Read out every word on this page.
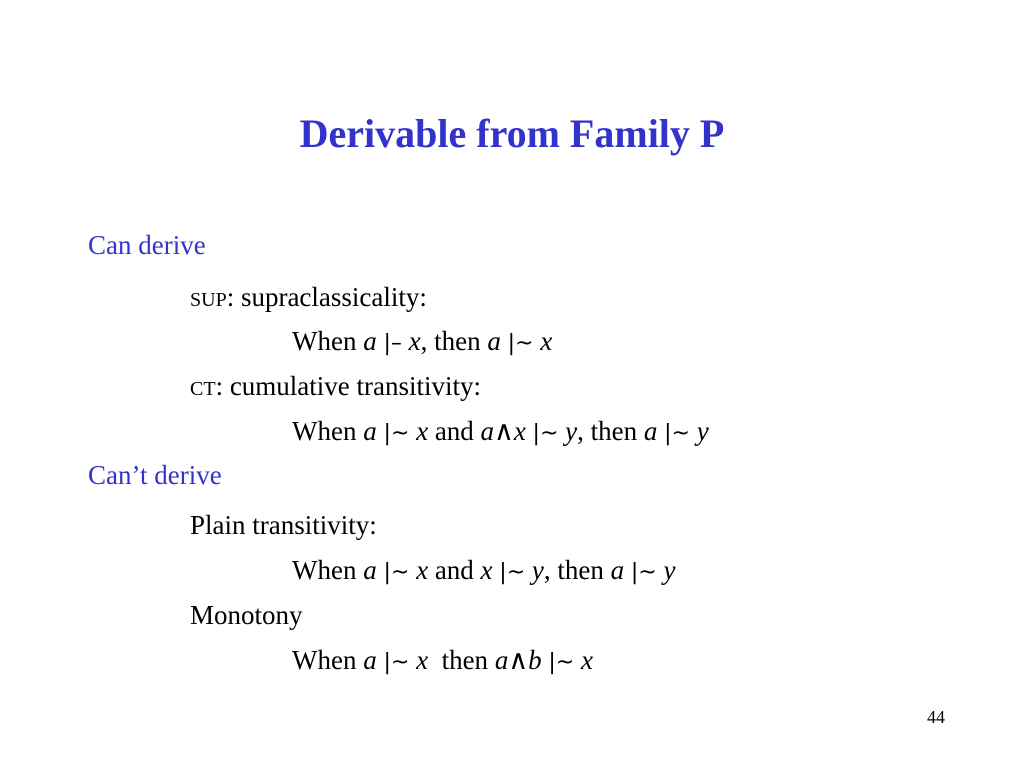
Derivable from Family P
Can derive
SUP: supraclassicality:
When a |– x, then a |~ x
CT: cumulative transitivity:
When a |~ x and a∧x |~ y, then a |~ y
Can’t derive
Plain transitivity:
When a |~ x and x |~ y, then a |~ y
Monotony
When a |~ x then a∧b |~ x
44
